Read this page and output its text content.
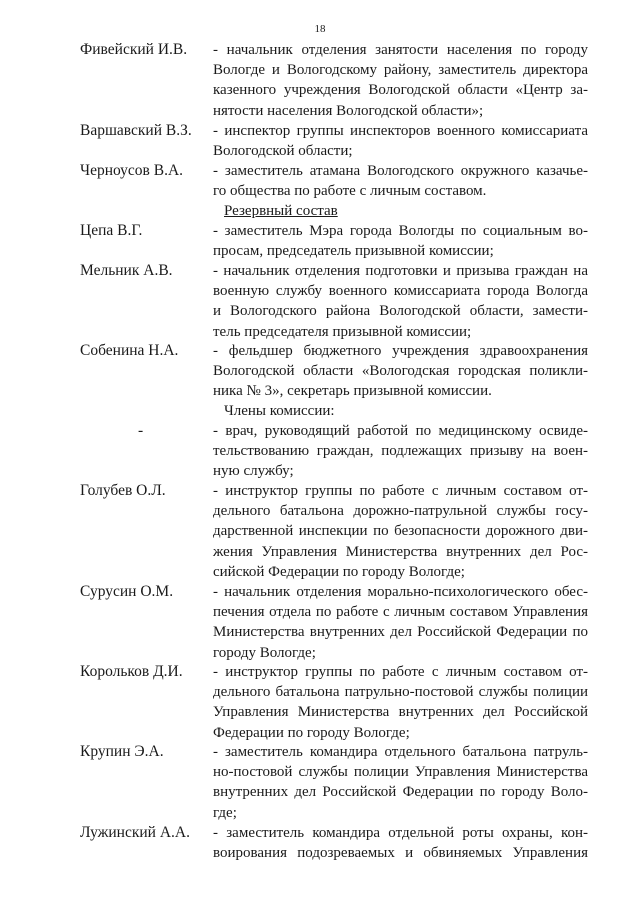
18
Фивейский И.В. - начальник отделения занятости населения по городу
Вологде и Вологодскому району, заместитель директора
казенного учреждения Вологодской области «Центр за-
нятости населения Вологодской области»;
Варшавский В.З. - инспектор группы инспекторов военного комиссариата
Вологодской области;
Черноусов В.А. - заместитель атамана Вологодского окружного казачье-
го общества по работе с личным составом.
Резервный состав
Цепа В.Г.	- заместитель Мэра города Вологды по социальным во-
просам, председатель призывной комиссии;
Мельник А.В.	- начальник отделения подготовки и призыва граждан на
военную службу военного комиссариата города Вологда
и Вологодского района Вологодской области, замести-
тель председателя призывной комиссии;
Собенина Н.А. - фельдшер бюджетного учреждения здравоохранения
Вологодской области «Вологодская городская поликли-
ника № 3», секретарь призывной комиссии.
Члены комиссии:
-	- врач, руководящий работой по медицинскому освиде-
тельствованию граждан, подлежащих призыву на воен-
ную службу;
Голубев О.Л.	- инструктор группы по работе с личным составом от-
дельного батальона дорожно-патрульной службы госу-
дарственной инспекции по безопасности дорожного дви-
жения Управления Министерства внутренних дел Рос-
сийской Федерации по городу Вологде;
Сурусин О.М.	- начальник отделения морально-психологического обес-
печения отдела по работе с личным составом Управления
Министерства внутренних дел Российской Федерации по
городу Вологде;
Корольков Д.И. - инструктор группы по работе с личным составом от-
дельного батальона патрульно-постовой службы полиции
Управления Министерства внутренних дел Российской
Федерации по городу Вологде;
Крупин Э.А.	- заместитель командира отдельного батальона патруль-
но-постовой службы полиции Управления Министерства
внутренних дел Российской Федерации по городу Воло-
где;
Лужинский А.А. - заместитель командира отдельной роты охраны, кон-
воирования подозреваемых и обвиняемых Управления
